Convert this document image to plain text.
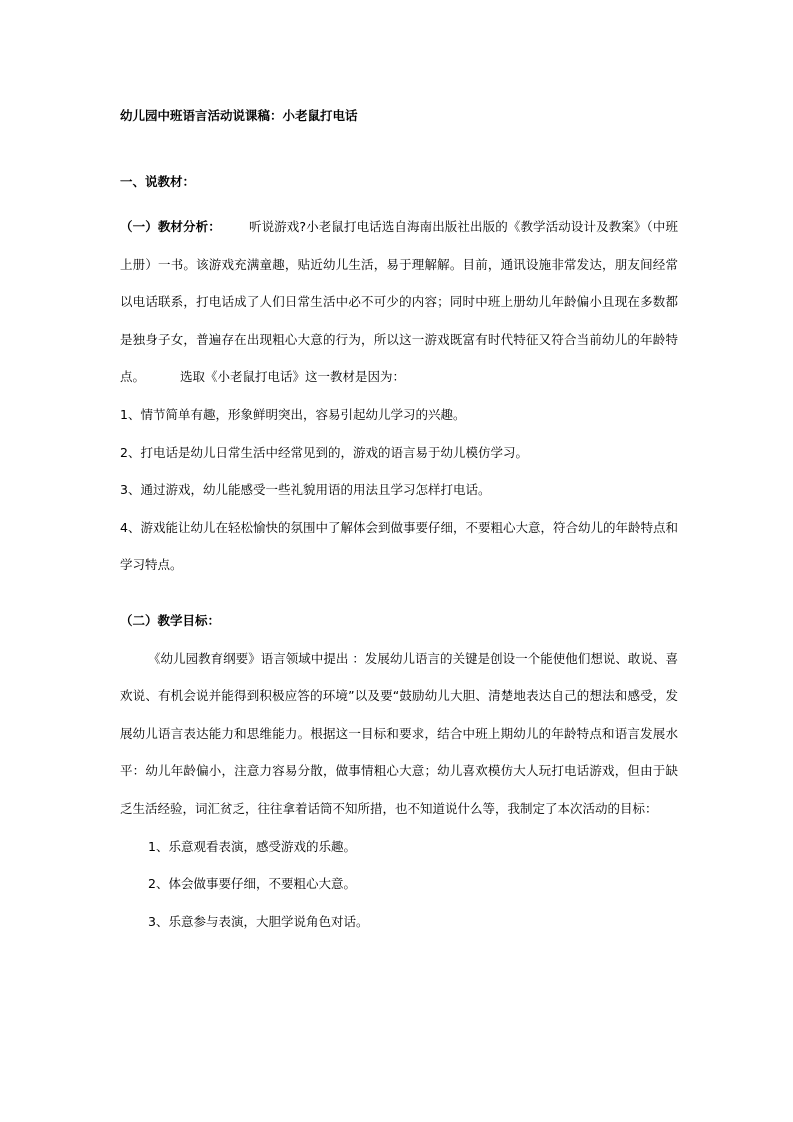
幼儿园中班语言活动说课稿：小老鼠打电话

一、说教材：

（一）教材分析： 听说游戏?小老鼠打电话选自海南出版社出版的《教学活动设计及教案》（中班上册）一书。该游戏充满童趣，贴近幼儿生活，易于理解解。目前，通讯设施非常发达，朋友间经常以电话联系，打电话成了人们日常生活中必不可少的内容；同时中班上册幼儿年龄偏小且现在多数都是独身子女，普遍存在出现粗心大意的行为，所以这一游戏既富有时代特征又符合当前幼儿的年龄特点。	选取《小老鼠打电话》这一教材是因为：

1、情节简单有趣，形象鲜明突出，容易引起幼儿学习的兴趣。

2、打电话是幼儿日常生活中经常见到的，游戏的语言易于幼儿模仿学习。

3、通过游戏，幼儿能感受一些礼貌用语的用法且学习怎样打电话。

4、游戏能让幼儿在轻松愉快的氛围中了解体会到做事要仔细，不要粗心大意，符合幼儿的年龄特点和学习特点。

（二）教学目标：

《幼儿园教育纲要》语言领域中提出 ：发展幼儿语言的关键是创设一个能使他们想说、敢说、喜欢说、有机会说并能得到积极应答的环境”以及要“鼓励幼儿大胆、清楚地表达自己的想法和感受，发展幼儿语言表达能力和思维能力。根据这一目标和要求，结合中班上期幼儿的年龄特点和语言发展水平：幼儿年龄偏小，注意力容易分散，做事情粗心大意；幼儿喜欢模仿大人玩打电话游戏，但由于缺乏生活经验，词汇贫乏，往往拿着话筒不知所措，也不知道说什么等，我制定了本次活动的目标：

1、乐意观看表演，感受游戏的乐趣。

2、体会做事要仔细，不要粗心大意。

3、乐意参与表演，大胆学说角色对话。
